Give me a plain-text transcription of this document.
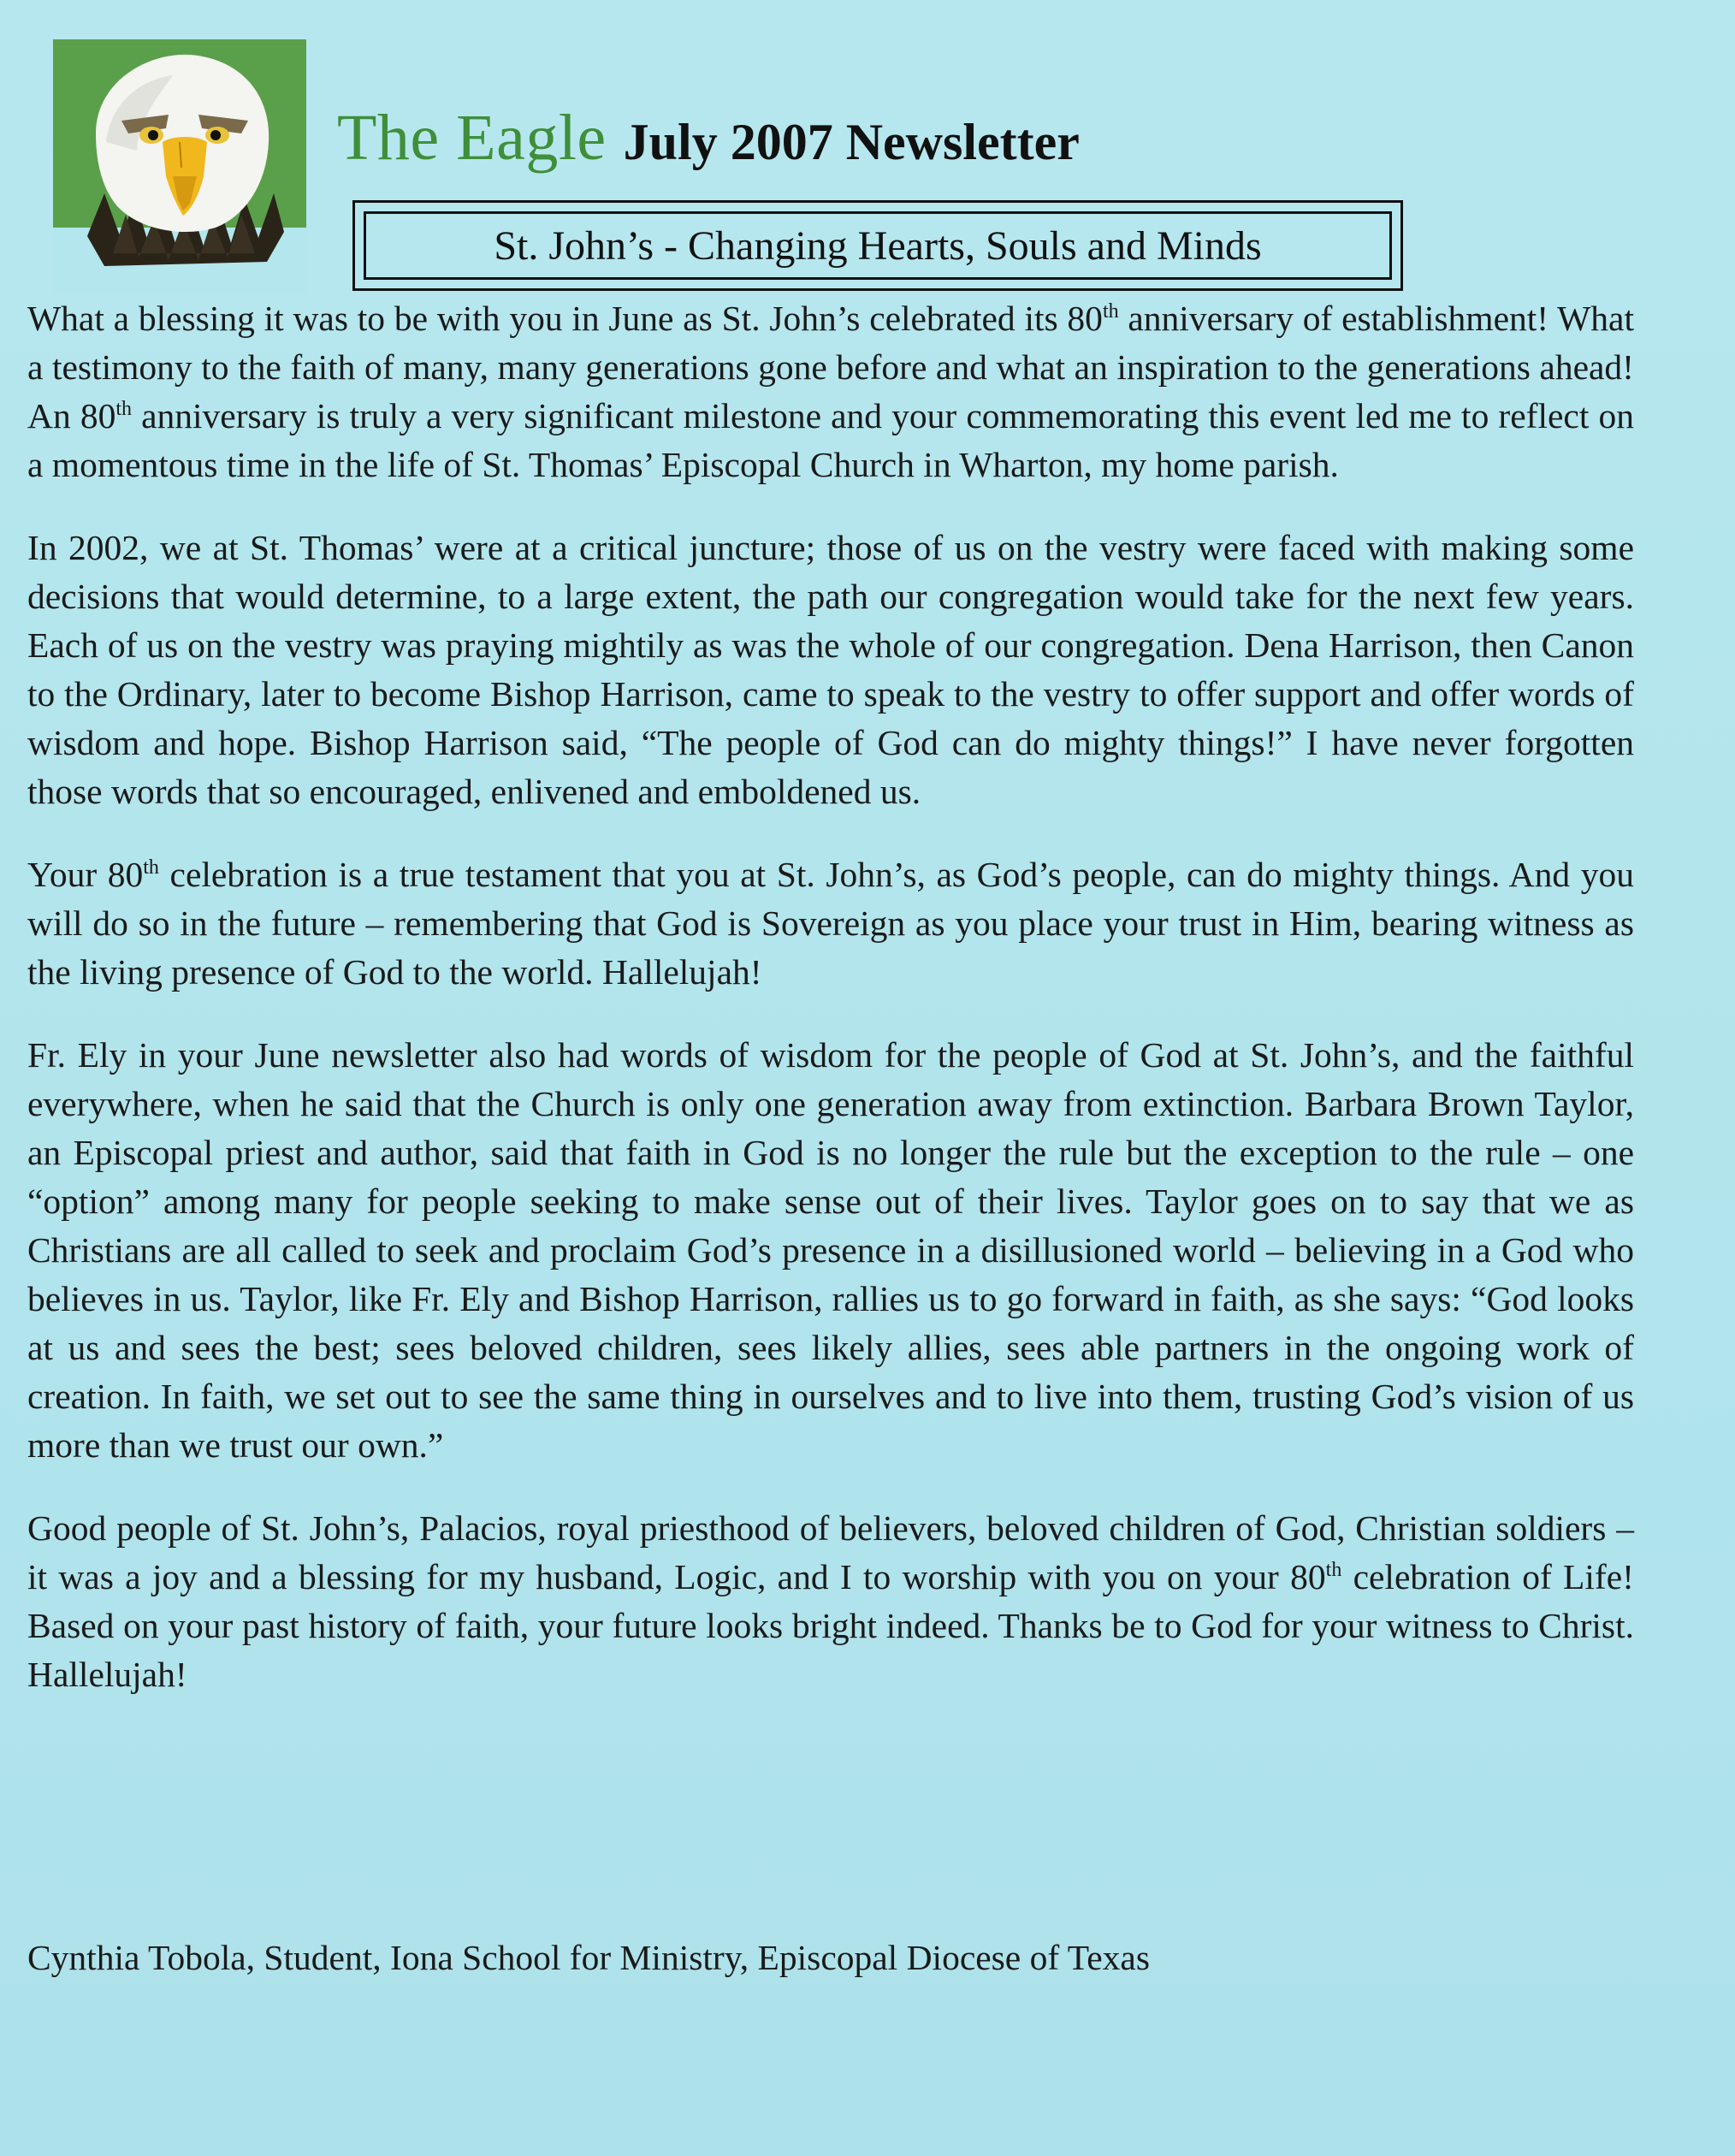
The Eagle July 2007 Newsletter
St. John’s - Changing Hearts, Souls and Minds

What a blessing it was to be with you in June as St. John’s celebrated its 80th anniversary of establishment! What a testimony to the faith of many, many generations gone before and what an inspiration to the generations ahead! An 80th anniversary is truly a very significant milestone and your commemorating this event led me to reflect on a momentous time in the life of St. Thomas’ Episcopal Church in Wharton, my home parish.

In 2002, we at St. Thomas’ were at a critical juncture; those of us on the vestry were faced with making some decisions that would determine, to a large extent, the path our congregation would take for the next few years. Each of us on the vestry was praying mightily as was the whole of our congregation. Dena Harrison, then Canon to the Ordinary, later to become Bishop Harrison, came to speak to the vestry to offer support and offer words of wisdom and hope. Bishop Harrison said, “The people of God can do mighty things!” I have never forgotten those words that so encouraged, enlivened and emboldened us.

Your 80th celebration is a true testament that you at St. John’s, as God’s people, can do mighty things. And you will do so in the future – remembering that God is Sovereign as you place your trust in Him, bearing witness as the living presence of God to the world. Hallelujah!

Fr. Ely in your June newsletter also had words of wisdom for the people of God at St. John’s, and the faithful everywhere, when he said that the Church is only one generation away from extinction. Barbara Brown Taylor, an Episcopal priest and author, said that faith in God is no longer the rule but the exception to the rule – one “option” among many for people seeking to make sense out of their lives. Taylor goes on to say that we as Christians are all called to seek and proclaim God’s presence in a disillusioned world – believing in a God who believes in us. Taylor, like Fr. Ely and Bishop Harrison, rallies us to go forward in faith, as she says: “God looks at us and sees the best; sees beloved children, sees likely allies, sees able partners in the ongoing work of creation. In faith, we set out to see the same thing in ourselves and to live into them, trusting God’s vision of us more than we trust our own.”

Good people of St. John’s, Palacios, royal priesthood of believers, beloved children of God, Christian soldiers – it was a joy and a blessing for my husband, Logic, and I to worship with you on your 80th celebration of Life! Based on your past history of faith, your future looks bright indeed. Thanks be to God for your witness to Christ. Hallelujah!

Cynthia Tobola, Student, Iona School for Ministry, Episcopal Diocese of Texas
